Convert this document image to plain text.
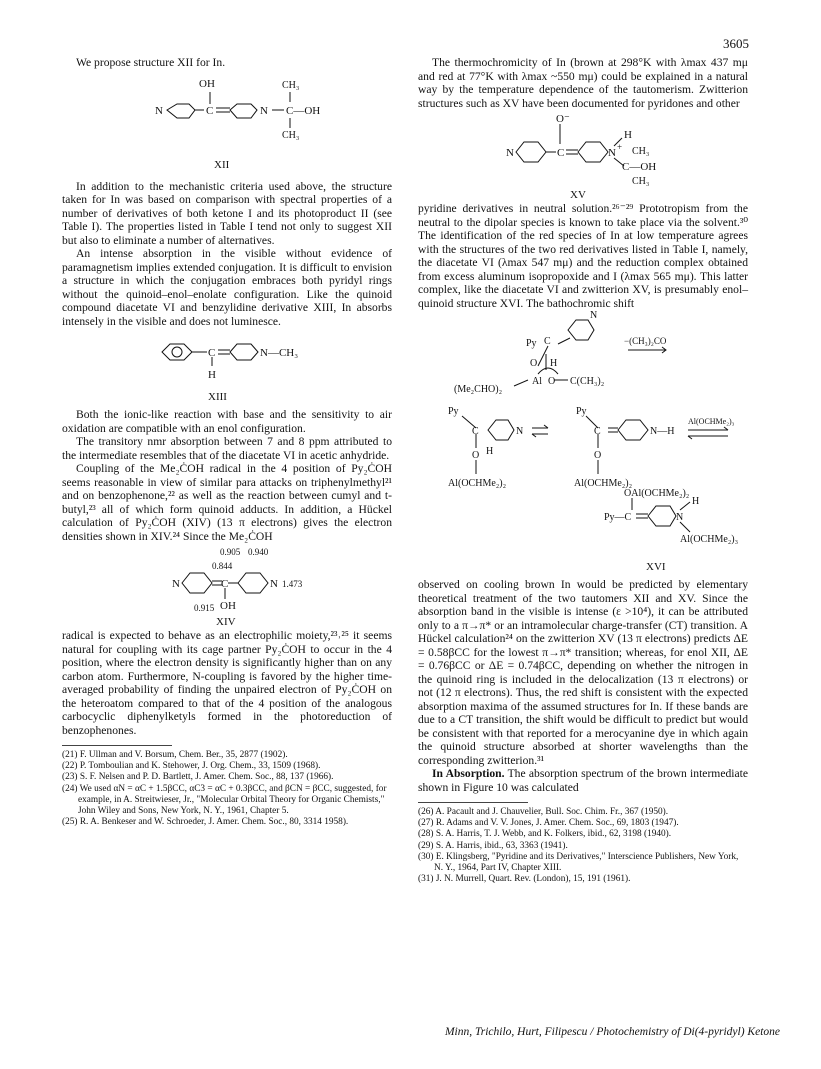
3605

We propose structure XII for In.

OH
N	C	N
CH₃
C—OH
CH₃
XII

In addition to the mechanistic criteria used above, the structure taken for In was based on comparison with spectral properties of a number of derivatives of both ketone I and its photoproduct II (see Table I). The properties listed in Table I tend not only to suggest XII but also to eliminate a number of alternatives.

An intense absorption in the visible without evidence of paramagnetism implies extended conjugation. It is difficult to envision a structure in which the conjugation embraces both pyridyl rings without the quinoid–enol–enolate configuration. Like the quinoid compound diacetate VI and benzylidine derivative XIII, In absorbs intensely in the visible and does not luminesce.

C
H
N—CH₃
XIII

Both the ionic-like reaction with base and the sensitivity to air oxidation are compatible with an enol configuration.

The transitory nmr absorption between 7 and 8 ppm attributed to the intermediate resembles that of the diacetate VI in acetic anhydride.

Coupling of the Me₂ĊOH radical in the 4 position of Py₂ĊOH seems reasonable in view of similar para attacks on triphenylmethyl²¹ and on benzophenone,²² as well as the reaction between cumyl and t-butyl,²³ all of which form quinoid adducts. In addition, a Hückel calculation of Py₂ĊOH (XIV) (13 π electrons) gives the electron densities shown in XIV.²⁴ Since the Me₂ĊOH

0.905 0.940
0.844
1.473
0.915
N	C	N
OH
XIV

radical is expected to behave as an electrophilic moiety,²³˒²⁵ it seems natural for coupling with its cage partner Py₂ĊOH to occur in the 4 position, where the electron density is significantly higher than on any carbon atom. Furthermore, N-coupling is favored by the higher time-averaged probability of finding the unpaired electron of Py₂ĊOH on the heteroatom compared to that of the 4 position of the analogous carbocyclic diphenylketyls formed in the photoreduction of benzophenones.

(21) F. Ullman and V. Borsum, Chem. Ber., 35, 2877 (1902).

(22) P. Tomboulian and K. Stehower, J. Org. Chem., 33, 1509 (1968).

(23) S. F. Nelsen and P. D. Bartlett, J. Amer. Chem. Soc., 88, 137 (1966).

(24) We used αN = αC + 1.5βCC, αC3 = αC + 0.3βCC, and βCN = βCC, suggested, for example, in A. Streitwieser, Jr., "Molecular Orbital Theory for Organic Chemists," John Wiley and Sons, New York, N. Y., 1961, Chapter 5.

(25) R. A. Benkeser and W. Schroeder, J. Amer. Chem. Soc., 80, 3314 1958).

The thermochromicity of In (brown at 298°K with λmax 437 mμ and red at 77°K with λmax ~550 mμ) could be explained in a natural way by the temperature dependence of the tautomerism. Zwitterion structures such as XV have been documented for pyridones and other

O⁻
N	C
H
N + CH₃
C—OH
CH₃
XV

pyridine derivatives in neutral solution.²⁶⁻²⁹ Prototropism from the neutral to the dipolar species is known to take place via the solvent.³⁰ The identification of the red species of In at low temperature agrees with the structures of the two red derivatives listed in Table I, namely, the diacetate VI (λmax 547 mμ) and the reduction complex obtained from excess aluminum isopropoxide and I (λmax 565 mμ). This latter complex, like the diacetate VI and zwitterion XV, is presumably enol–quinoid structure XVI. The bathochromic shift

Py C
N
O H
Al O C(CH₃)₂
(Me₂CHO)₂
−(CH₃)₂CO
Py
C	N
O H
Al(OCHMe₂)₂
Py
C	N—H
O
Al(OCHMe₂)₂
Al(OCHMe₂)₃
OAl(OCHMe₂)₂
Py—C	N
H
Al(OCHMe₂)₃
XVI

observed on cooling brown In would be predicted by elementary theoretical treatment of the two tautomers XII and XV. Since the absorption band in the visible is intense (ε >10⁴), it can be attributed only to a π→π* or an intramolecular charge-transfer (CT) transition. A Hückel calculation²⁴ on the zwitterion XV (13 π electrons) predicts ΔE = 0.58βCC for the lowest π→π* transition; whereas, for enol XII, ΔE = 0.76βCC or ΔE = 0.74βCC, depending on whether the nitrogen in the quinoid ring is included in the delocalization (13 π electrons) or not (12 π electrons). Thus, the red shift is consistent with the expected absorption maxima of the assumed structures for In. If these bands are due to a CT transition, the shift would be difficult to predict but would be consistent with that reported for a merocyanine dye in which again the quinoid structure absorbed at shorter wavelengths than the corresponding zwitterion.³¹

In Absorption. The absorption spectrum of the brown intermediate shown in Figure 10 was calculated

(26) A. Pacault and J. Chauvelier, Bull. Soc. Chim. Fr., 367 (1950).

(27) R. Adams and V. V. Jones, J. Amer. Chem. Soc., 69, 1803 (1947).

(28) S. A. Harris, T. J. Webb, and K. Folkers, ibid., 62, 3198 (1940).

(29) S. A. Harris, ibid., 63, 3363 (1941).

(30) E. Klingsberg, "Pyridine and its Derivatives," Interscience Publishers, New York, N. Y., 1964, Part IV, Chapter XIII.

(31) J. N. Murrell, Quart. Rev. (London), 15, 191 (1961).

Minn, Trichilo, Hurt, Filipescu / Photochemistry of Di(4-pyridyl) Ketone
